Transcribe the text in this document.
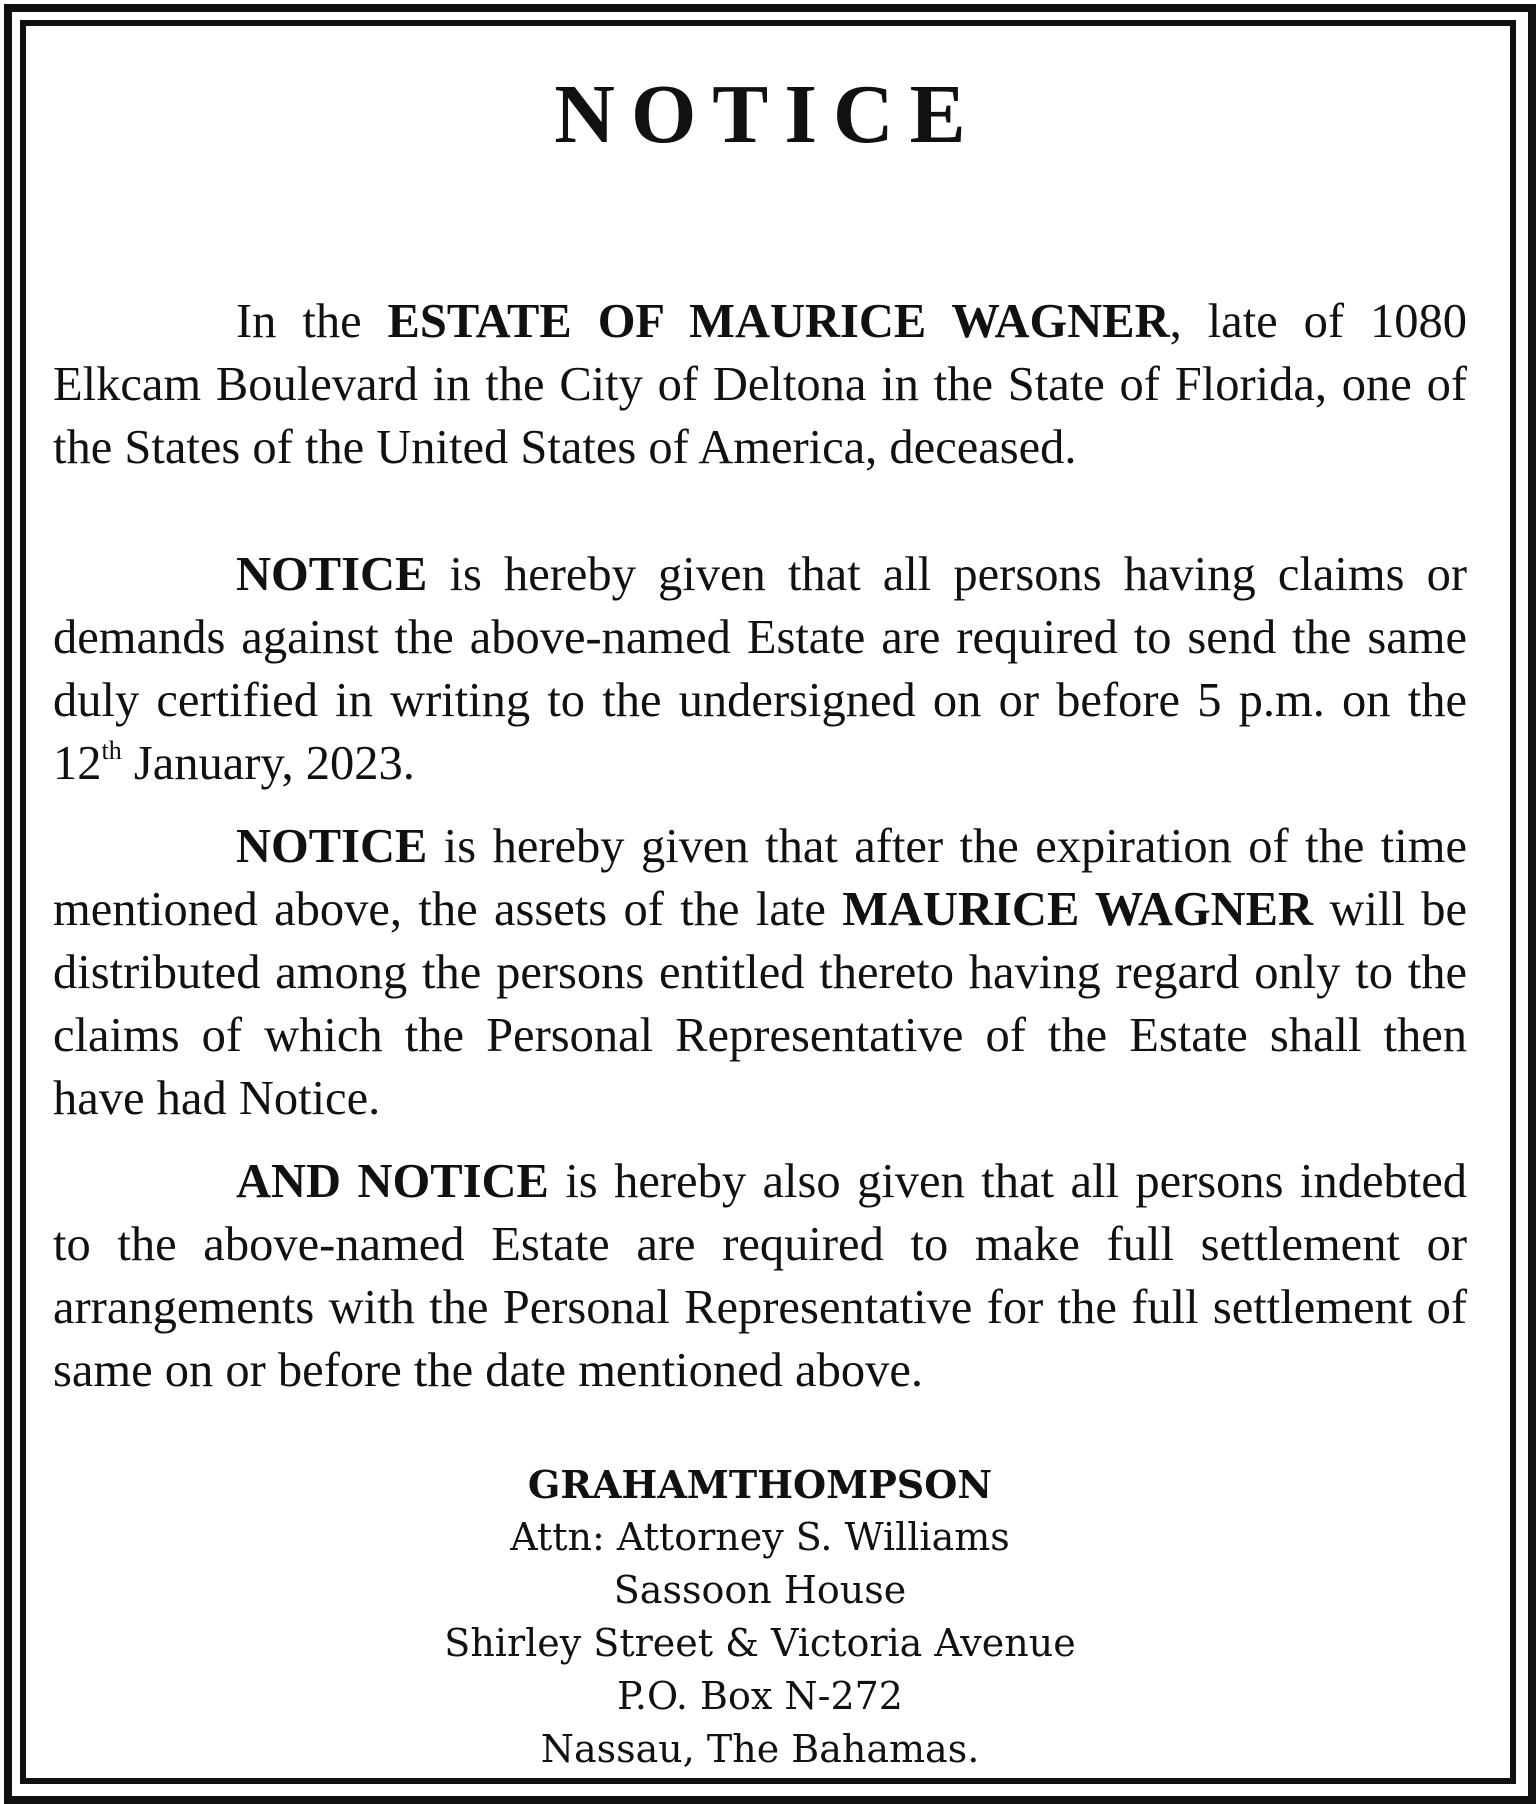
NOTICE

In the ESTATE OF MAURICE WAGNER, late of 1080 Elkcam Boulevard in the City of Deltona in the State of Florida, one of the States of the United States of America, deceased.

NOTICE is hereby given that all persons having claims or demands against the above-named Estate are required to send the same duly certified in writing to the undersigned on or before 5 p.m. on the 12th January, 2023.

NOTICE is hereby given that after the expiration of the time mentioned above, the assets of the late MAURICE WAGNER will be distributed among the persons entitled thereto having regard only to the claims of which the Personal Representative of the Estate shall then have had Notice.

AND NOTICE is hereby also given that all persons indebted to the above-named Estate are required to make full settlement or arrangements with the Personal Representative for the full settlement of same on or before the date mentioned above.

GRAHAMTHOMPSON
Attn: Attorney S. Williams
Sassoon House
Shirley Street & Victoria Avenue
P.O. Box N-272
Nassau, The Bahamas.
